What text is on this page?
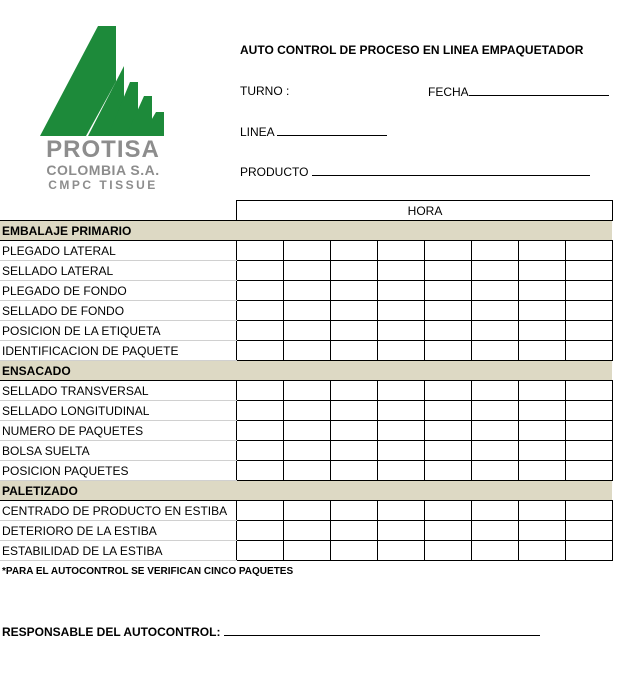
PROTISA
COLOMBIA S.A.
CMPC TISSUE
AUTO CONTROL DE PROCESO EN LINEA EMPAQUETADOR
TURNO :	FECHA
LINEA
PRODUCTO
	HORA							
EMBALAJE PRIMARIO								
PLEGADO LATERAL								
SELLADO LATERAL								
PLEGADO DE FONDO								
SELLADO DE FONDO								
POSICION DE LA ETIQUETA								
IDENTIFICACION DE PAQUETE								
ENSACADO								
SELLADO TRANSVERSAL								
SELLADO LONGITUDINAL								
NUMERO DE PAQUETES								
BOLSA SUELTA								
POSICION PAQUETES								
PALETIZADO								
CENTRADO DE PRODUCTO EN ESTIBA								
DETERIORO DE LA ESTIBA								
ESTABILIDAD DE LA ESTIBA								
*PARA EL AUTOCONTROL SE VERIFICAN CINCO PAQUETES
RESPONSABLE DEL AUTOCONTROL:
